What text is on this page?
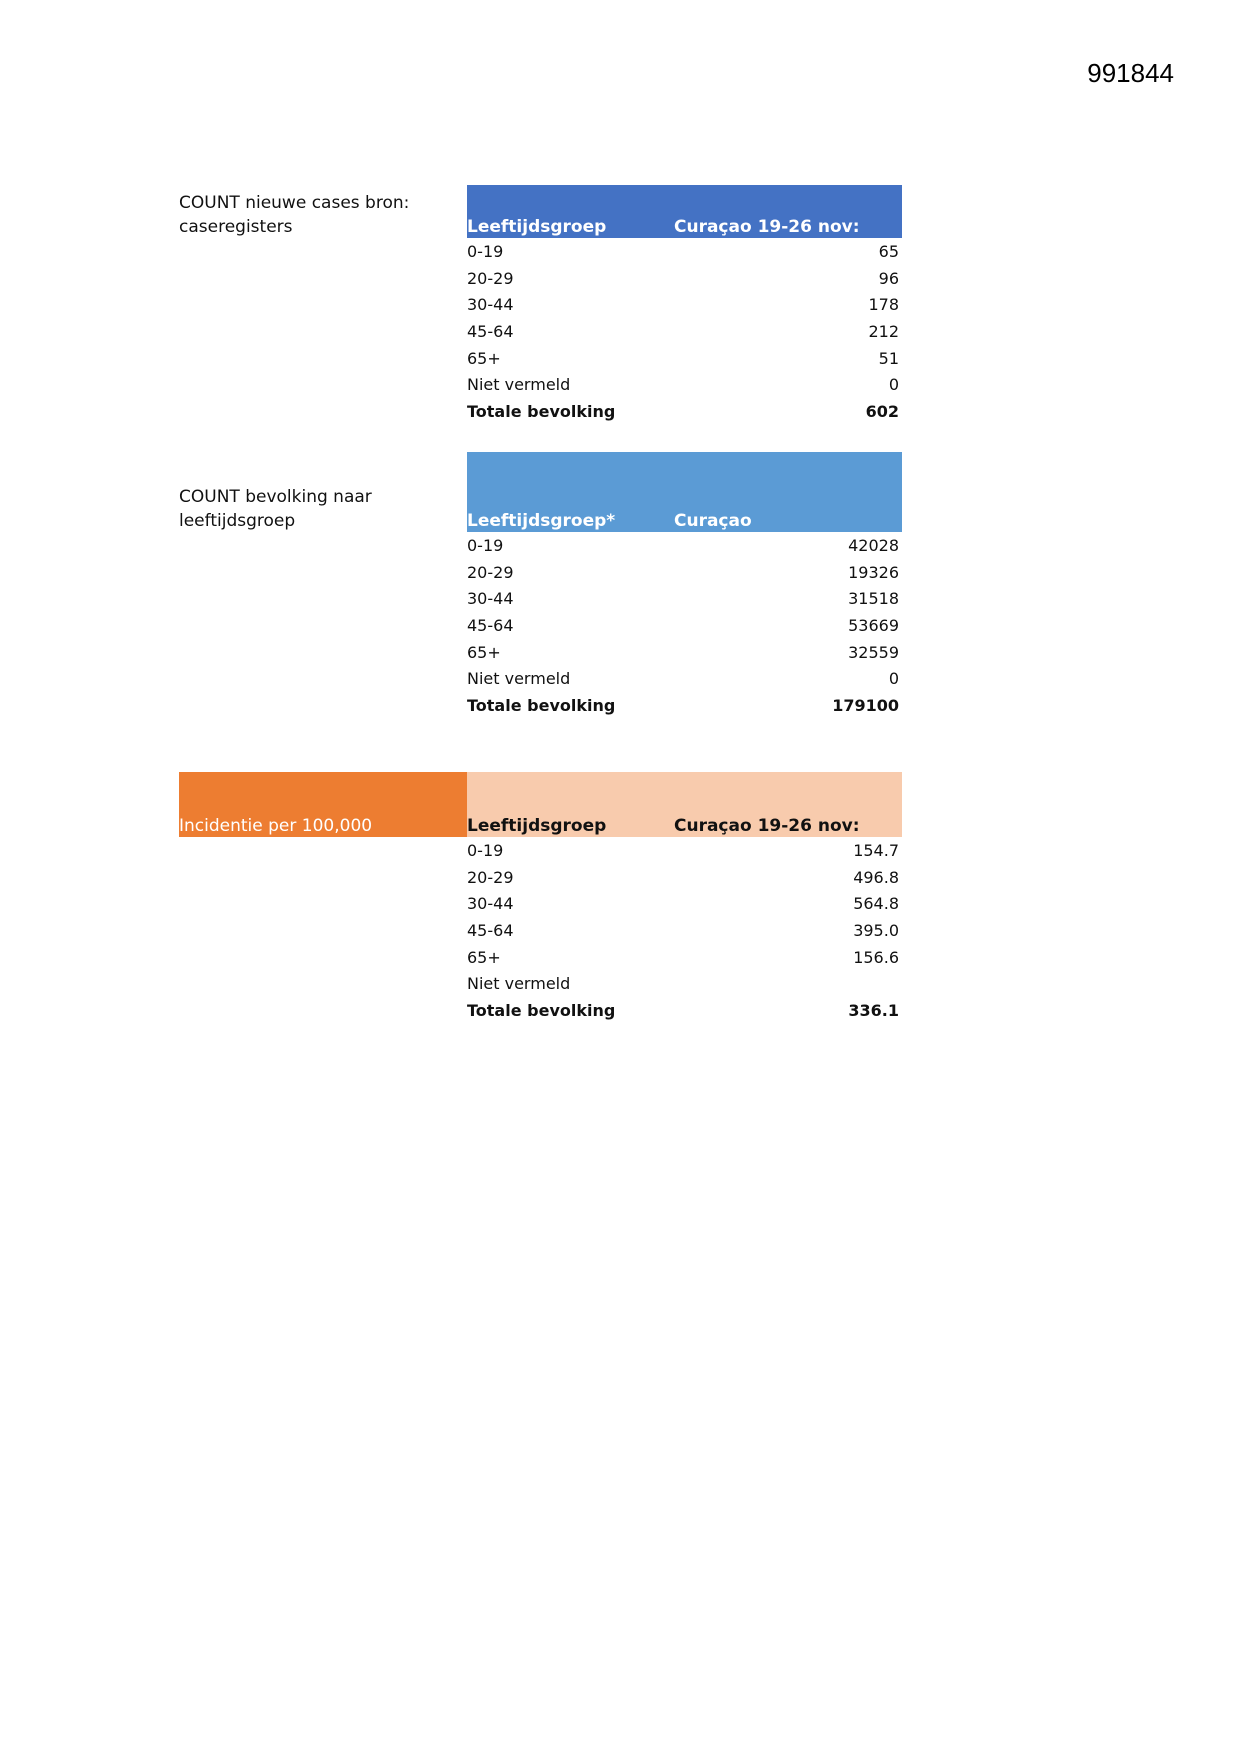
991844
COUNT nieuwe cases bron:
caseregisters	Leeftijdsgroep	Curaçao 19-26 nov:
0-19	65
20-29	96
30-44	178
45-64	212
65+	51
Niet vermeld	0
Totale bevolking	602
COUNT bevolking naar
leeftijdsgroep	Leeftijdsgroep*	Curaçao
0-19	42028
20-29	19326
30-44	31518
45-64	53669
65+	32559
Niet vermeld	0
Totale bevolking	179100
Incidentie per 100,000	Leeftijdsgroep	Curaçao 19-26 nov:
0-19	154.7
20-29	496.8
30-44	564.8
45-64	395.0
65+	156.6
Niet vermeld
Totale bevolking	336.1
